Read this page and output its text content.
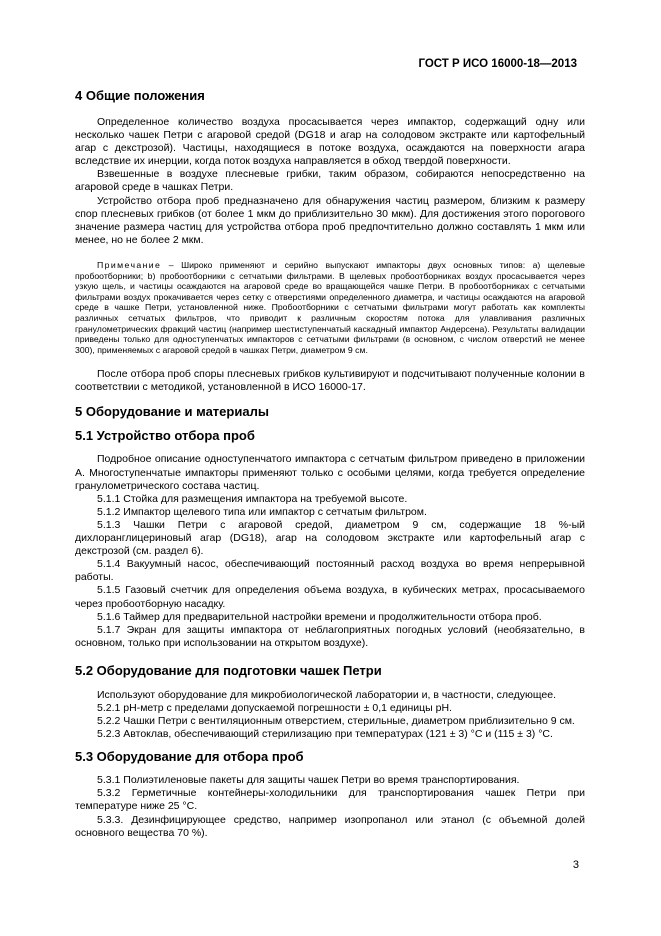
ГОСТ Р ИСО 16000-18—2013
4 Общие положения

Определенное количество воздуха просасывается через импактор, содержащий одну или несколько чашек Петри с агаровой средой (DG18 и агар на солодовом экстракте или картофельный агар с декстрозой). Частицы, находящиеся в потоке воздуха, осаждаются на поверхности агара вследствие их инерции, когда поток воздуха направляется в обход твердой поверхности.

Взвешенные в воздухе плесневые грибки, таким образом, собираются непосредственно на агаровой среде в чашках Петри.

Устройство отбора проб предназначено для обнаружения частиц размером, близким к размеру спор плесневых грибков (от более 1 мкм до приблизительно 30 мкм). Для достижения этого порогового значение размера частиц для устройства отбора проб предпочтительно должно составлять 1 мкм или менее, но не более 2 мкм.

Примечание – Широко применяют и серийно выпускают импакторы двух основных типов: a) щелевые пробоотборники; b) пробоотборники с сетчатыми фильтрами. В щелевых пробоотборниках воздух просасывается через узкую щель, и частицы осаждаются на агаровой среде во вращающейся чашке Петри. В пробоотборниках с сетчатыми фильтрами воздух прокачивается через сетку с отверстиями определенного диаметра, и частицы осаждаются на агаровой среде в чашке Петри, установленной ниже. Пробоотборники с сетчатыми фильтрами могут работать как комплекты различных сетчатых фильтров, что приводит к различным скоростям потока для улавливания различных гранулометрических фракций частиц (например шестиступенчатый каскадный импактор Андерсена). Результаты валидации приведены только для одноступенчатых импакторов с сетчатыми фильтрами (в основном, с числом отверстий не менее 300), применяемых с агаровой средой в чашках Петри, диаметром 9 см.

После отбора проб споры плесневых грибков культивируют и подсчитывают полученные колонии в соответствии с методикой, установленной в ИСО 16000-17.

5 Оборудование и материалы
5.1 Устройство отбора проб

Подробное описание одноступенчатого импактора с сетчатым фильтром приведено в приложении А. Многоступенчатые импакторы применяют только с особыми целями, когда требуется определение гранулометрического состава частиц.

5.1.1 Стойка для размещения импактора на требуемой высоте.

5.1.2 Импактор щелевого типа или импактор с сетчатым фильтром.

5.1.3 Чашки Петри с агаровой средой, диаметром 9 см, содержащие 18 %-ый дихлоранглицериновый агар (DG18), агар на солодовом экстракте или картофельный агар с декстрозой (см. раздел 6).

5.1.4 Вакуумный насос, обеспечивающий постоянный расход воздуха во время непрерывной работы.

5.1.5 Газовый счетчик для определения объема воздуха, в кубических метрах, просасываемого через пробоотборную насадку.

5.1.6 Таймер для предварительной настройки времени и продолжительности отбора проб.

5.1.7 Экран для защиты импактора от неблагоприятных погодных условий (необязательно, в основном, только при использовании на открытом воздухе).

5.2 Оборудование для подготовки чашек Петри

Используют оборудование для микробиологической лаборатории и, в частности, следующее.

5.2.1 pH-метр с пределами допускаемой погрешности ± 0,1 единицы pH.

5.2.2 Чашки Петри с вентиляционным отверстием, стерильные, диаметром приблизительно 9 см.

5.2.3 Автоклав, обеспечивающий стерилизацию при температурах (121 ± 3) °C и (115 ± 3) °C.

5.3 Оборудование для отбора проб

5.3.1 Полиэтиленовые пакеты для защиты чашек Петри во время транспортирования.

5.3.2 Герметичные контейнеры-холодильники для транспортирования чашек Петри при температуре ниже 25 °C.

5.3.3. Дезинфицирующее средство, например изопропанол или этанол (с объемной долей основного вещества 70 %).

3
